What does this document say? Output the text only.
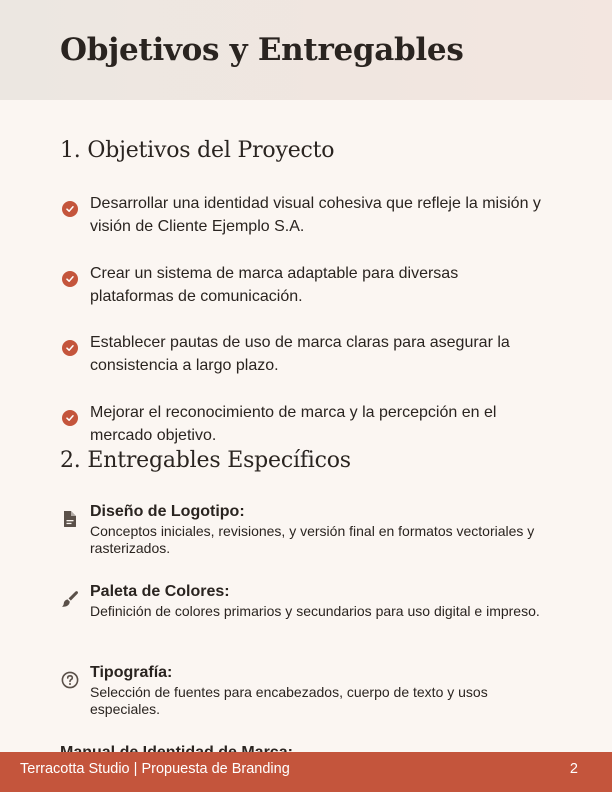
Objetivos y Entregables
1. Objetivos del Proyecto

Desarrollar una identidad visual cohesiva que refleje la misión y visión de Cliente Ejemplo S.A.

Crear un sistema de marca adaptable para diversas plataformas de comunicación.

Establecer pautas de uso de marca claras para asegurar la consistencia a largo plazo.

Mejorar el reconocimiento de marca y la percepción en el mercado objetivo.

2. Entregables Específicos

Diseño de Logotipo:

Conceptos iniciales, revisiones, y versión final en formatos vectoriales y rasterizados.

Paleta de Colores:

Definición de colores primarios y secundarios para uso digital e impreso.

Tipografía:

Selección de fuentes para encabezados, cuerpo de texto y usos especiales.

Terracotta Studio | Propuesta de Branding	2
